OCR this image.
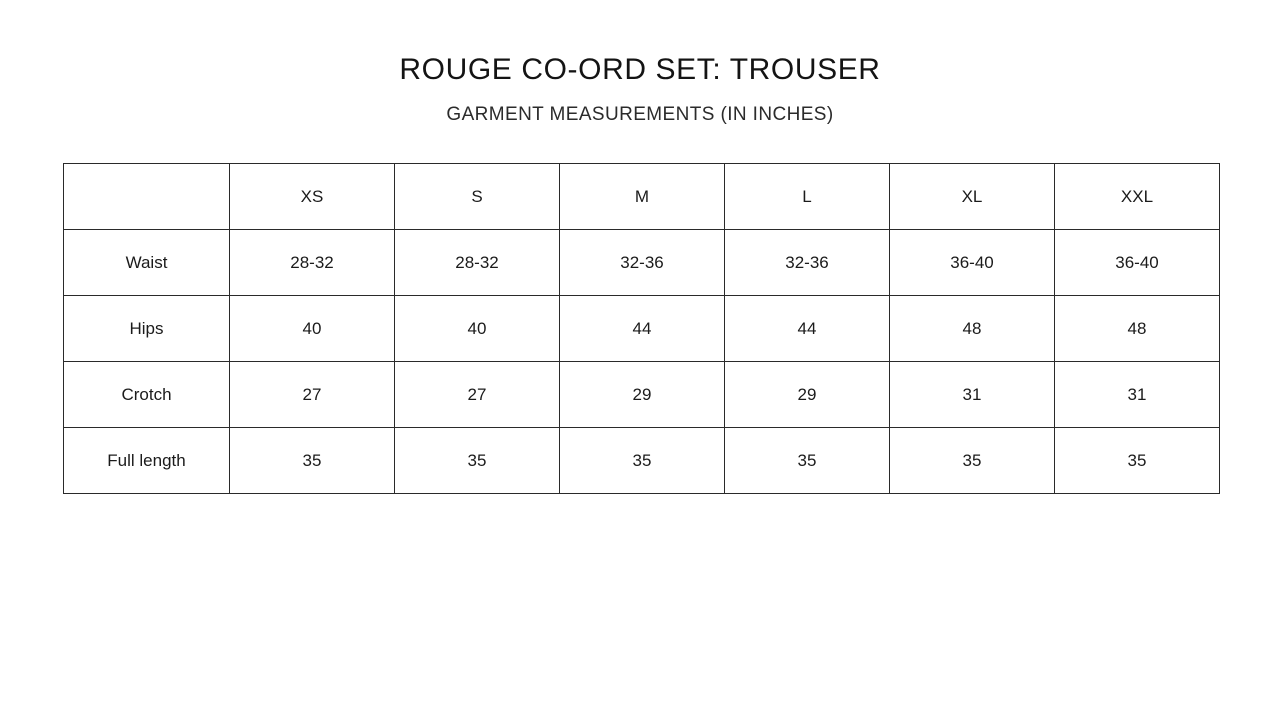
ROUGE CO-ORD SET: TROUSER
GARMENT MEASUREMENTS (IN INCHES)
	XS	S	M	L	XL	XXL
Waist	28-32	28-32	32-36	32-36	36-40	36-40
Hips	40	40	44	44	48	48
Crotch	27	27	29	29	31	31
Full length	35	35	35	35	35	35
